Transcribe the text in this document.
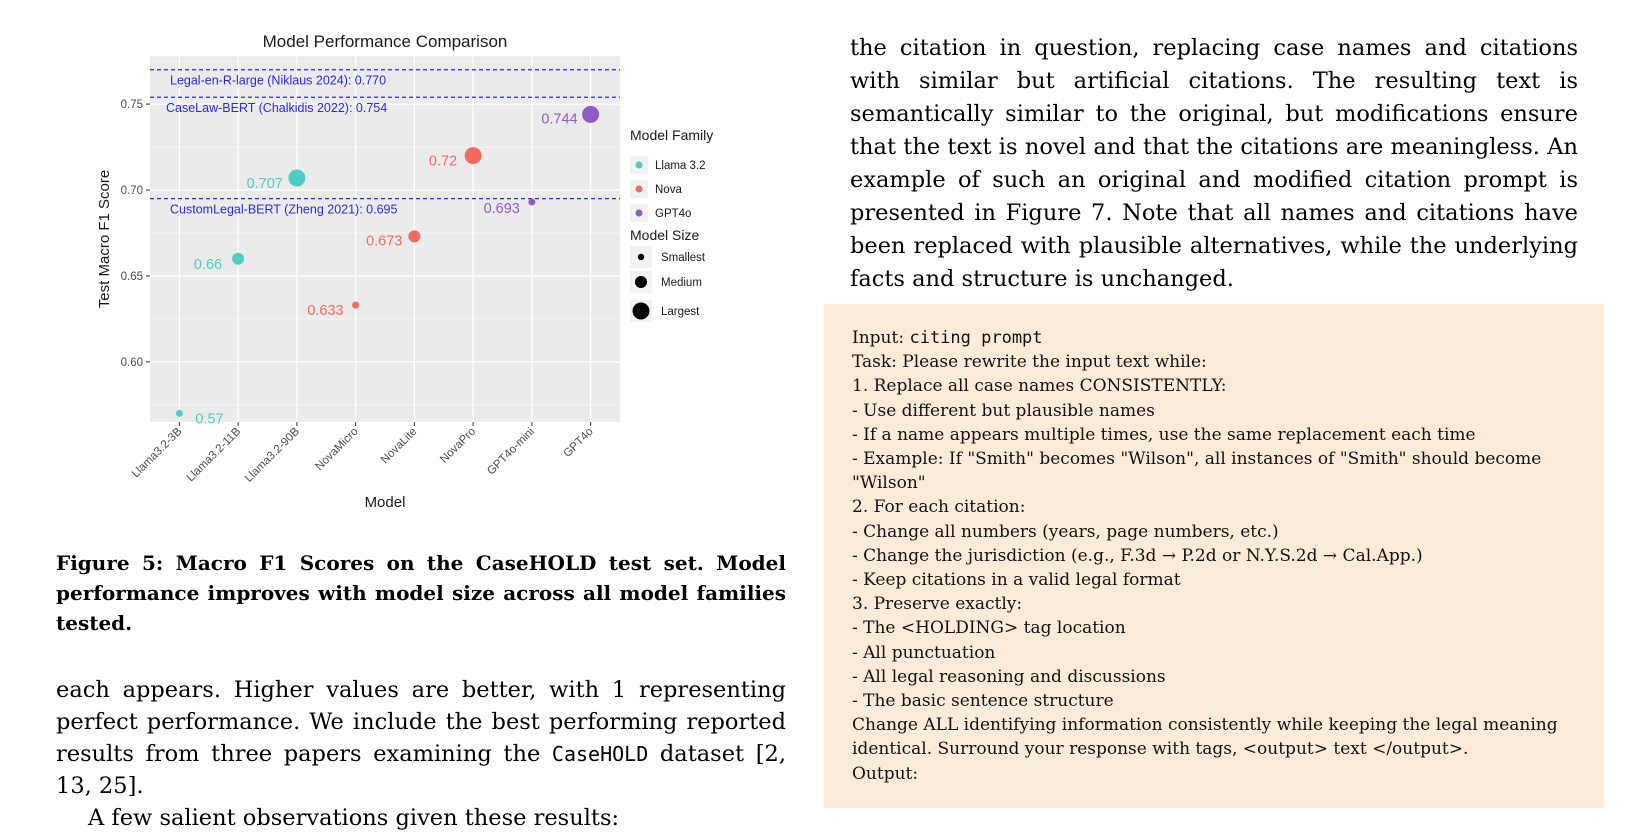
Model Performance Comparison
Legal-en-R-large (Niklaus 2024): 0.770
CaseLaw-BERT (Chalkidis 2022): 0.754
CustomLegal-BERT (Zheng 2021): 0.695
0.57
0.66
0.707
0.633
0.673
0.72
0.693
0.744
0.60
0.65
0.70
0.75
Llama3.2-3B Llama3.2-11B Llama3.2-90B NovaMicro NovaLite NovaPro GPT4o-mini GPT4o
Model
Test Macro F1 Score
Model Family
Llama 3.2
Nova
GPT4o
Model Size
Smallest
Medium
Largest
Figure 5: Macro F1 Scores on the CaseHOLD test set. Model performance improves with model size across all model families tested.

each appears. Higher values are better, with 1 representing perfect performance. We include the best performing reported results from three papers examining the CaseHOLD dataset [2, 13, 25].

A few salient observations given these results:

the citation in question, replacing case names and citations with similar but artificial citations. The resulting text is semantically similar to the original, but modifications ensure that the text is novel and that the citations are meaningless. An example of such an original and modified citation prompt is presented in Figure 7. Note that all names and citations have been replaced with plausible alternatives, while the underlying facts and structure is unchanged.

Input: citing prompt
Task: Please rewrite the input text while:
1. Replace all case names CONSISTENTLY:
- Use different but plausible names
- If a name appears multiple times, use the same replacement each time
- Example: If "Smith" becomes "Wilson", all instances of "Smith" should become
"Wilson"
2. For each citation:
- Change all numbers (years, page numbers, etc.)
- Change the jurisdiction (e.g., F.3d → P.2d or N.Y.S.2d → Cal.App.)
- Keep citations in a valid legal format
3. Preserve exactly:
- The <HOLDING> tag location
- All punctuation
- All legal reasoning and discussions
- The basic sentence structure
Change ALL identifying information consistently while keeping the legal meaning
identical. Surround your response with tags, <output> text </output>.
Output:
